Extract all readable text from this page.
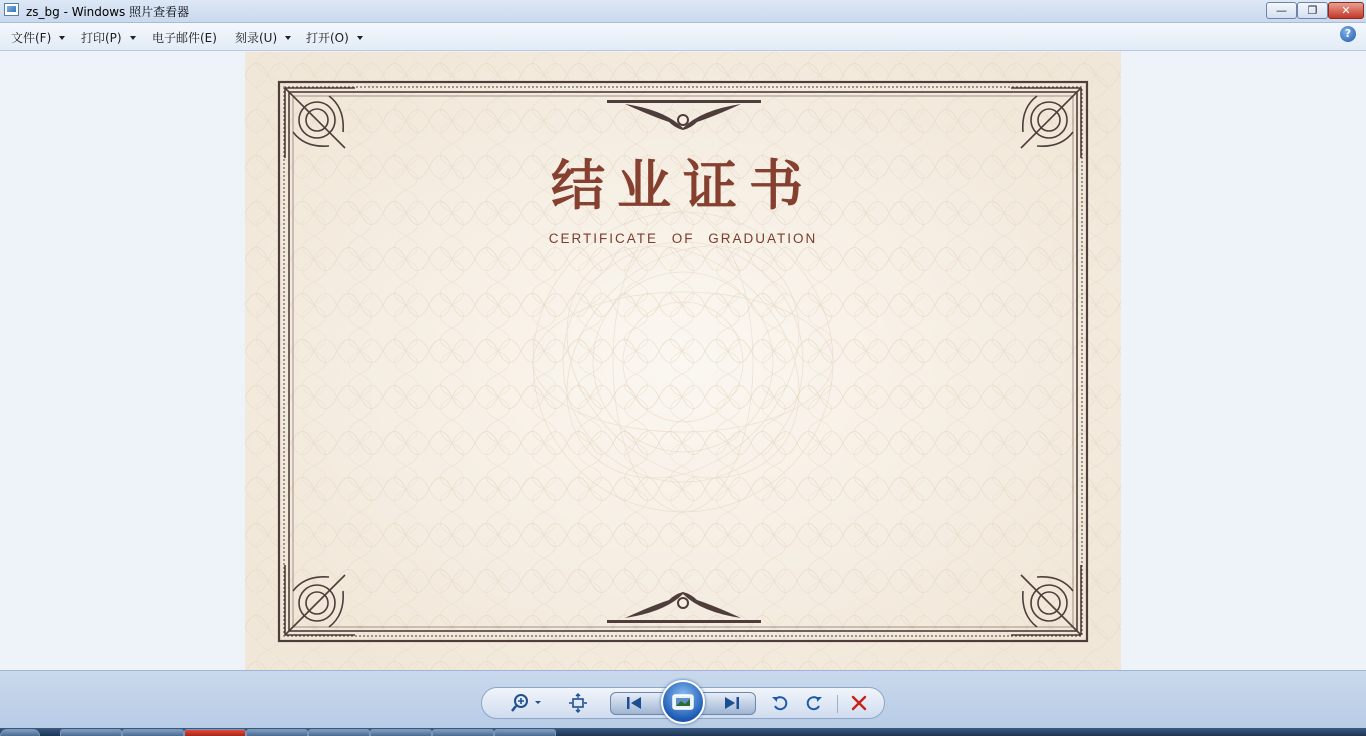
zs_bg - Windows 照片查看器	— ❐ ✕
文件(F) 打印(P)	电子邮件(E) 刻录(U) 打开(O)	?
结业证书
CERTIFICATE OF GRADUATION
